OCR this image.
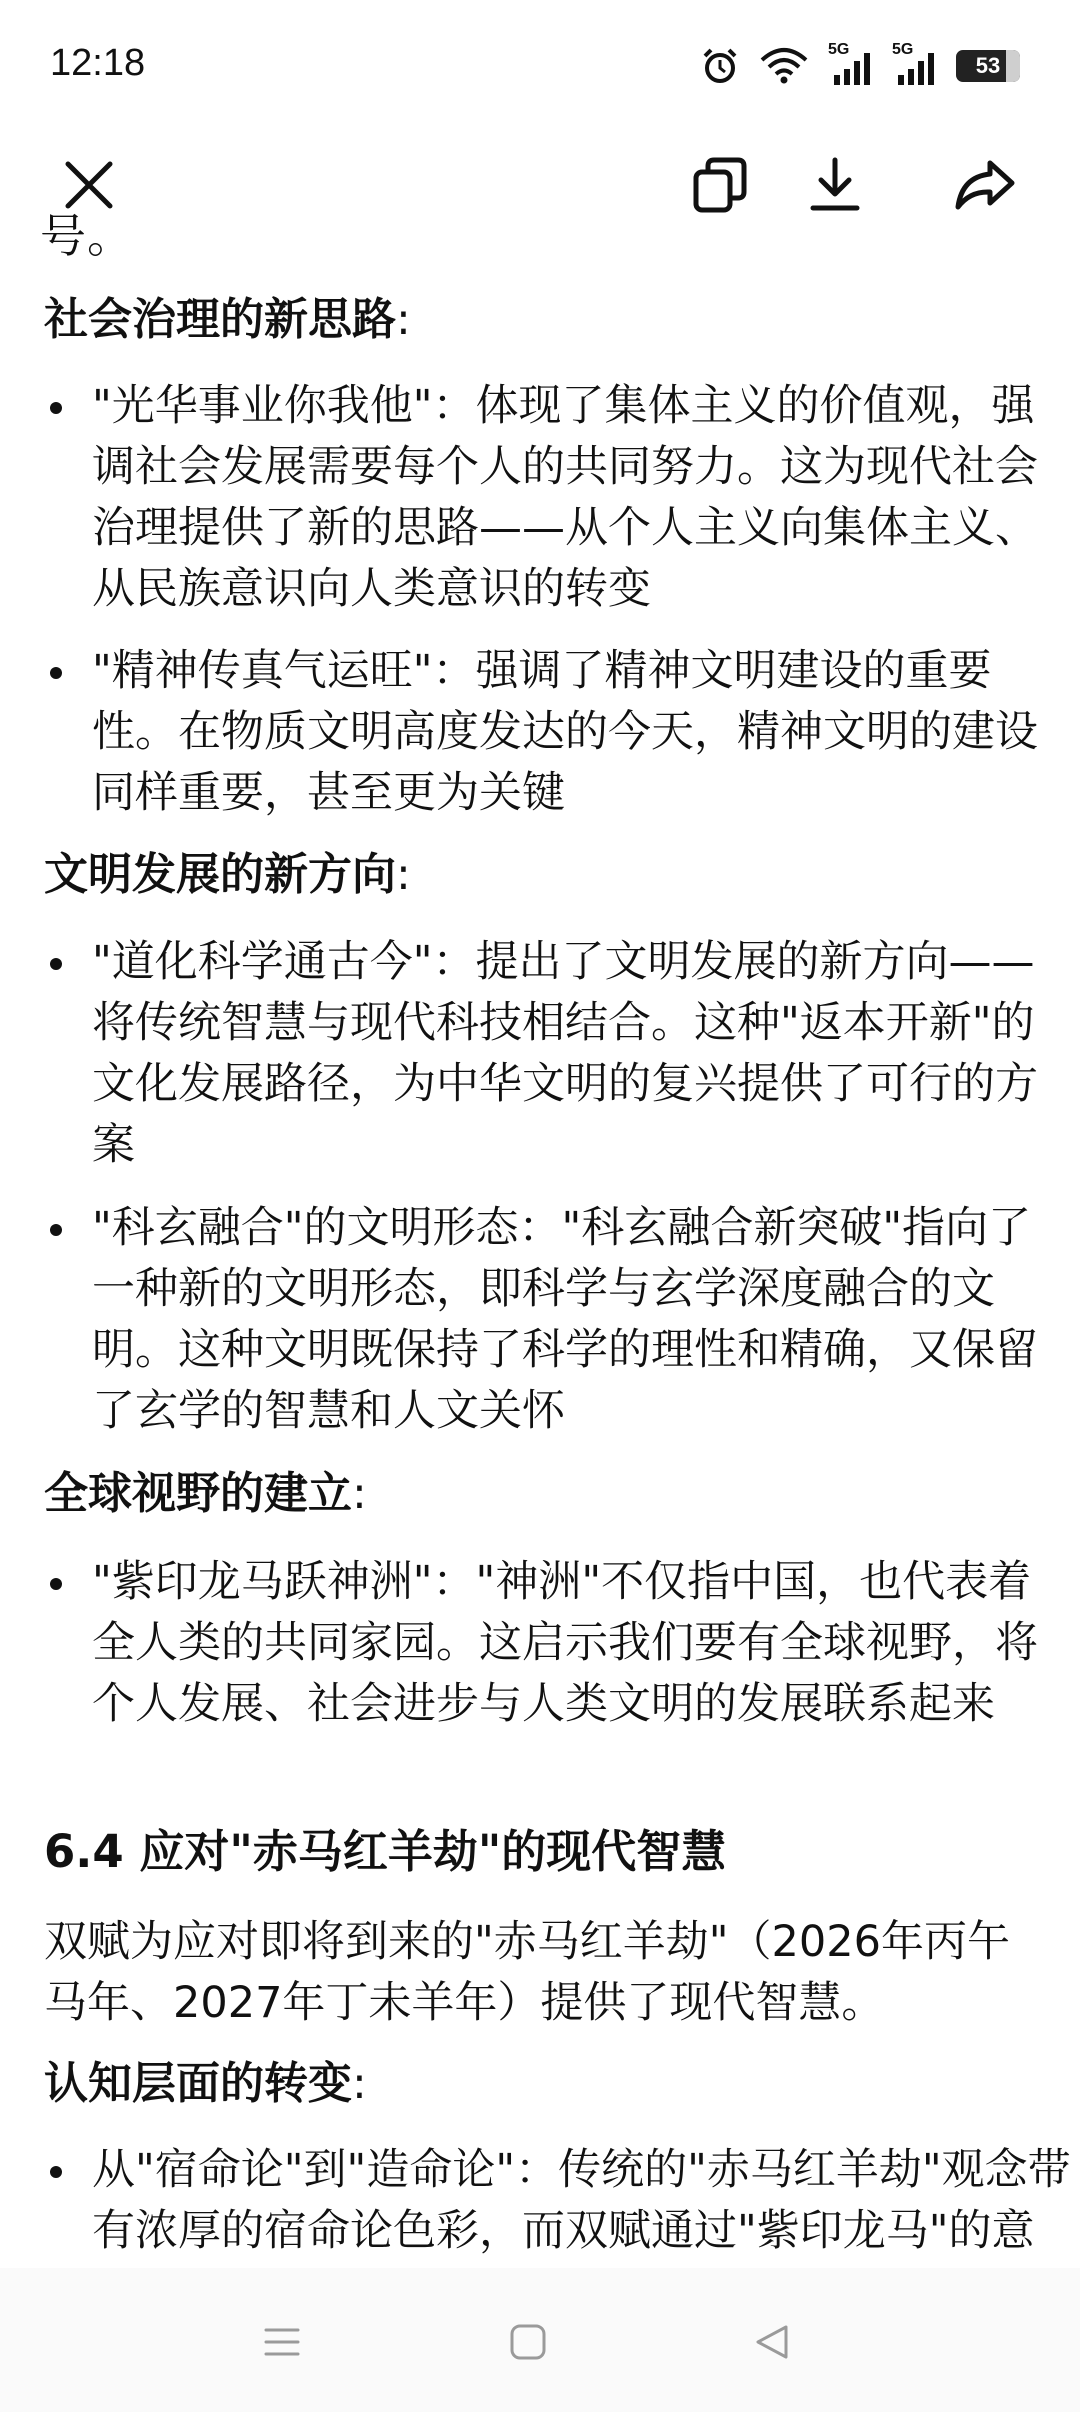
12:18	5G	5G
53
号。
社会治理的新思路:
"光华事业你我他"：体现了集体主义的价值观，强调社会发展需要每个人的共同努力。这为现代社会治理提供了新的思路——从个人主义向集体主义、从民族意识向人类意识的转变
"精神传真气运旺"：强调了精神文明建设的重要性。在物质文明高度发达的今天，精神文明的建设同样重要，甚至更为关键
文明发展的新方向:
"道化科学通古今"：提出了文明发展的新方向——将传统智慧与现代科技相结合。这种"返本开新"的文化发展路径，为中华文明的复兴提供了可行的方案
"科玄融合"的文明形态："科玄融合新突破"指向了一种新的文明形态，即科学与玄学深度融合的文明。这种文明既保持了科学的理性和精确，又保留了玄学的智慧和人文关怀
全球视野的建立:
"紫印龙马跃神洲"："神洲"不仅指中国，也代表着全人类的共同家园。这启示我们要有全球视野，将个人发展、社会进步与人类文明的发展联系起来
6.4 应对"赤马红羊劫"的现代智慧
双赋为应对即将到来的"赤马红羊劫"（2026年丙午马年、2027年丁未羊年）提供了现代智慧。
认知层面的转变:
从"宿命论"到"造命论"：传统的"赤马红羊劫"观念带有浓厚的宿命论色彩，而双赋通过"紫印龙马"的意
